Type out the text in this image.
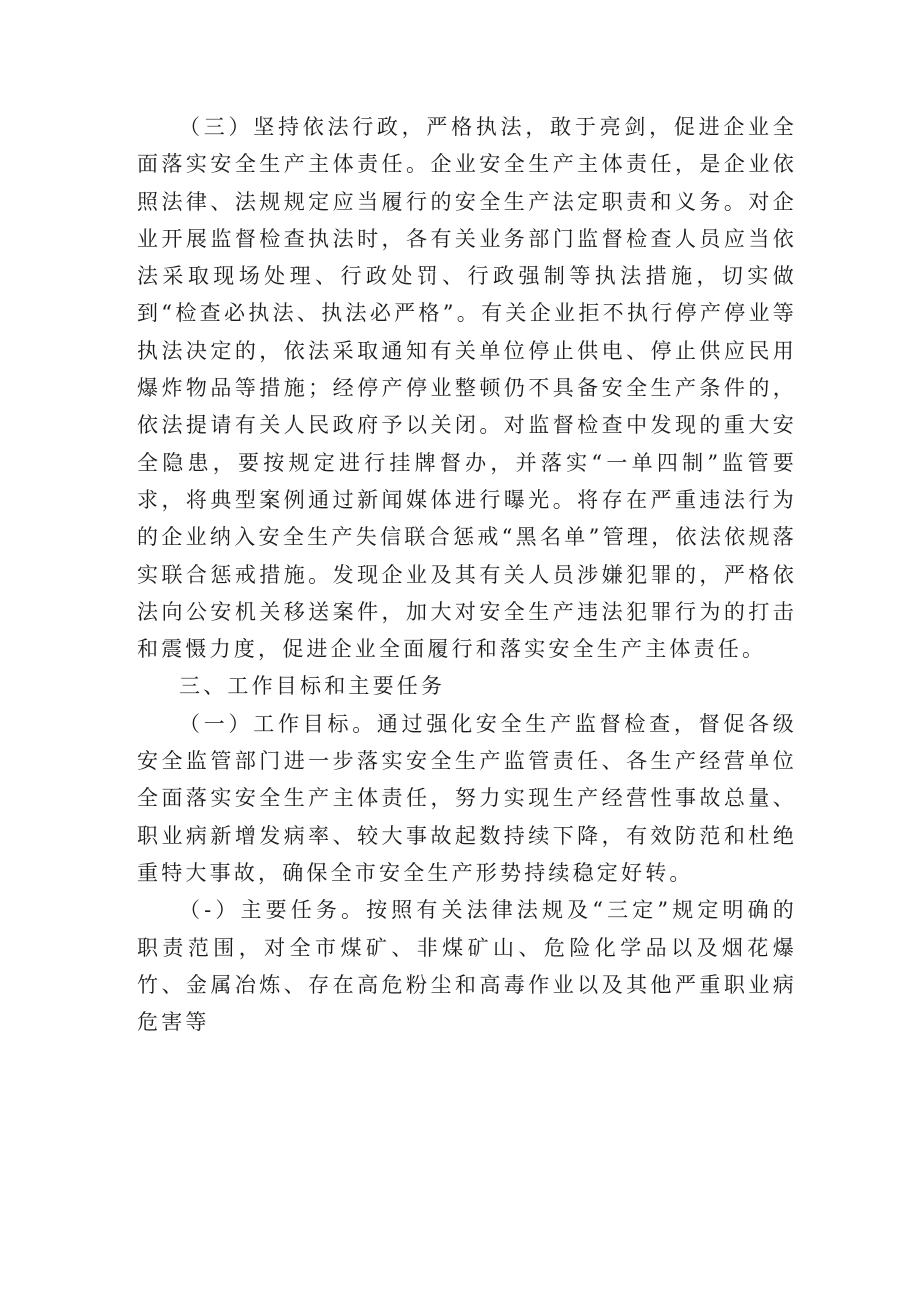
（三）坚持依法行政，严格执法，敢于亮剑，促进企业全面落实安全生产主体责任。企业安全生产主体责任，是企业依照法律、法规规定应当履行的安全生产法定职责和义务。对企业开展监督检查执法时，各有关业务部门监督检查人员应当依法采取现场处理、行政处罚、行政强制等执法措施，切实做到“检查必执法、执法必严格”。有关企业拒不执行停产停业等执法决定的，依法采取通知有关单位停止供电、停止供应民用爆炸物品等措施；经停产停业整顿仍不具备安全生产条件的，依法提请有关人民政府予以关闭。对监督检查中发现的重大安全隐患，要按规定进行挂牌督办，并落实“一单四制”监管要求，将典型案例通过新闻媒体进行曝光。将存在严重违法行为的企业纳入安全生产失信联合惩戒“黑名单”管理，依法依规落实联合惩戒措施。发现企业及其有关人员涉嫌犯罪的，严格依法向公安机关移送案件，加大对安全生产违法犯罪行为的打击和震慑力度，促进企业全面履行和落实安全生产主体责任。

三、工作目标和主要任务

（一）工作目标。通过强化安全生产监督检查，督促各级安全监管部门进一步落实安全生产监管责任、各生产经营单位全面落实安全生产主体责任，努力实现生产经营性事故总量、职业病新增发病率、较大事故起数持续下降，有效防范和杜绝重特大事故，确保全市安全生产形势持续稳定好转。

（-）主要任务。按照有关法律法规及“三定”规定明确的职责范围，对全市煤矿、非煤矿山、危险化学品以及烟花爆竹、金属冶炼、存在高危粉尘和高毒作业以及其他严重职业病危害等
